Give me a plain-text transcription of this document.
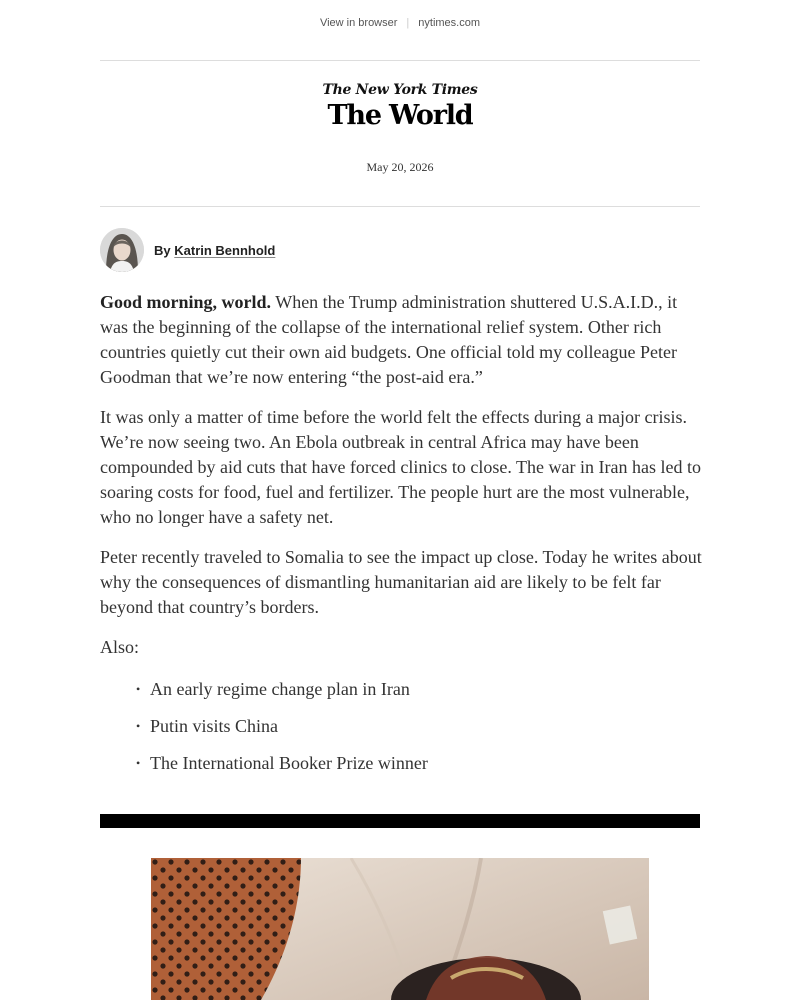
View in browser | nytimes.com
The New York Times
The World
May 20, 2026
By Katrin Bennhold

Good morning, world. When the Trump administration shuttered U.S.A.I.D., it was the beginning of the collapse of the international relief system. Other rich countries quietly cut their own aid budgets. One official told my colleague Peter Goodman that we’re now entering “the post-aid era.”

It was only a matter of time before the world felt the effects during a major crisis. We’re now seeing two. An Ebola outbreak in central Africa may have been compounded by aid cuts that have forced clinics to close. The war in Iran has led to soaring costs for food, fuel and fertilizer. The people hurt are the most vulnerable, who no longer have a safety net.

Peter recently traveled to Somalia to see the impact up close. Today he writes about why the consequences of dismantling humanitarian aid are likely to be felt far beyond that country’s borders.

Also:

• An early regime change plan in Iran
• Putin visits China
• The International Booker Prize winner
